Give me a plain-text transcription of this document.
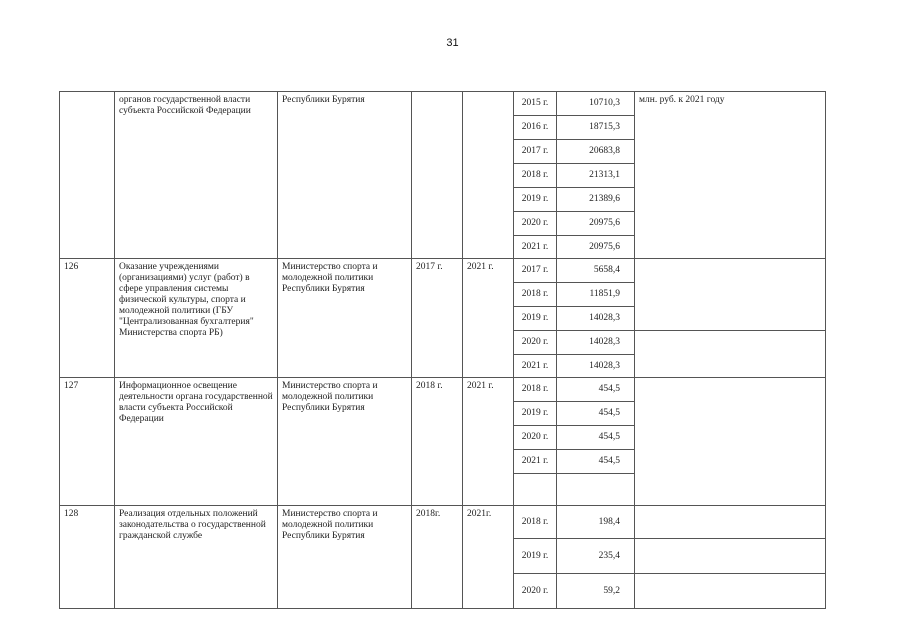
31
	органов государственной власти субъекта Российской Федерации	Республики Бурятия			2015 г.	10710,3	млн. руб. к 2021 году
					2016 г.	18715,3	
					2017 г.	20683,8	
					2018 г.	21313,1	
					2019 г.	21389,6	
					2020 г.	20975,6	
					2021 г.	20975,6	
126	Оказание учреждениями (организациями) услуг (работ) в сфере управления системы физической культуры, спорта и молодежной политики (ГБУ "Централизованная бухгалтерия" Министерства спорта РБ)	Министерство спорта и молодежной политики Республики Бурятия	2017 г.	2021 г.	2017 г.	5658,4	
					2018 г.	11851,9	
					2019 г.	14028,3	
					2020 г.	14028,3	
					2021 г.	14028,3	
127	Информационное освещение деятельности органа государственной власти субъекта Российской Федерации	Министерство спорта и молодежной политики Республики Бурятия	2018 г.	2021 г.	2018 г.	454,5	
					2019 г.	454,5	
					2020 г.	454,5	
					2021 г.	454,5	

128	Реализация отдельных положений законодательства о государственной гражданской службе	Министерство спорта и молодежной политики Республики Бурятия	2018г.	2021г.	2018 г.	198,4	
					2019 г.	235,4	
					2020 г.	59,2	
